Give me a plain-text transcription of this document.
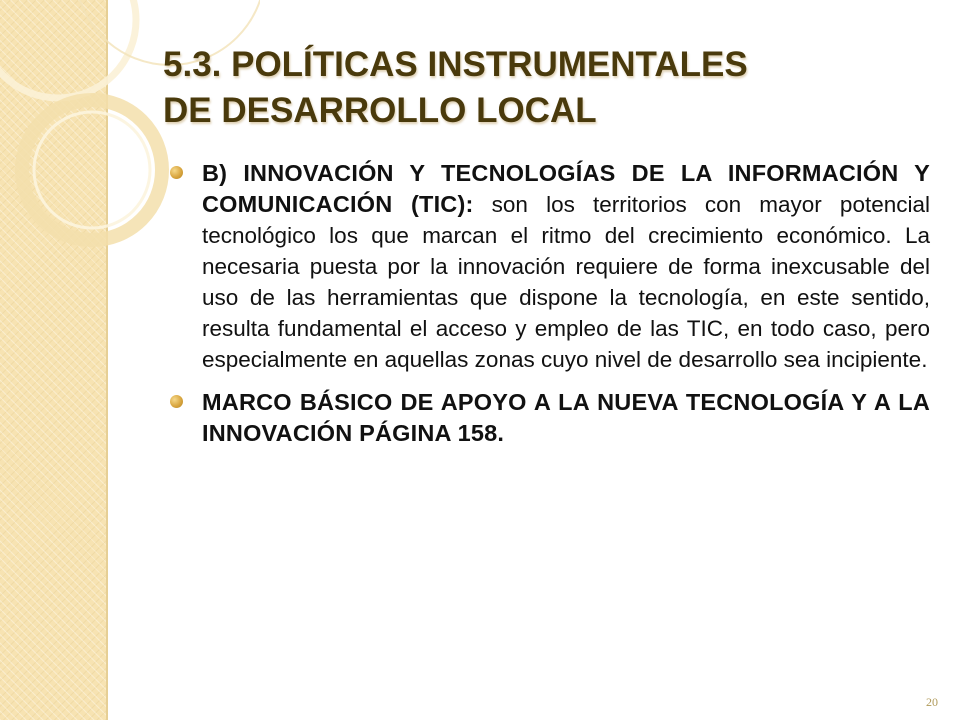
5.3. POLÍTICAS INSTRUMENTALES
DE DESARROLLO LOCAL
B) INNOVACIÓN Y TECNOLOGÍAS DE LA INFORMACIÓN Y COMUNICACIÓN (TIC): son los territorios con mayor potencial tecnológico los que marcan el ritmo del crecimiento económico. La necesaria puesta por la innovación requiere de forma inexcusable del uso de las herramientas que dispone la tecnología, en este sentido, resulta fundamental el acceso y empleo de las TIC, en todo caso, pero especialmente en aquellas zonas cuyo nivel de desarrollo sea incipiente.
MARCO BÁSICO DE APOYO A LA NUEVA TECNOLOGÍA Y A LA INNOVACIÓN PÁGINA 158.
20
